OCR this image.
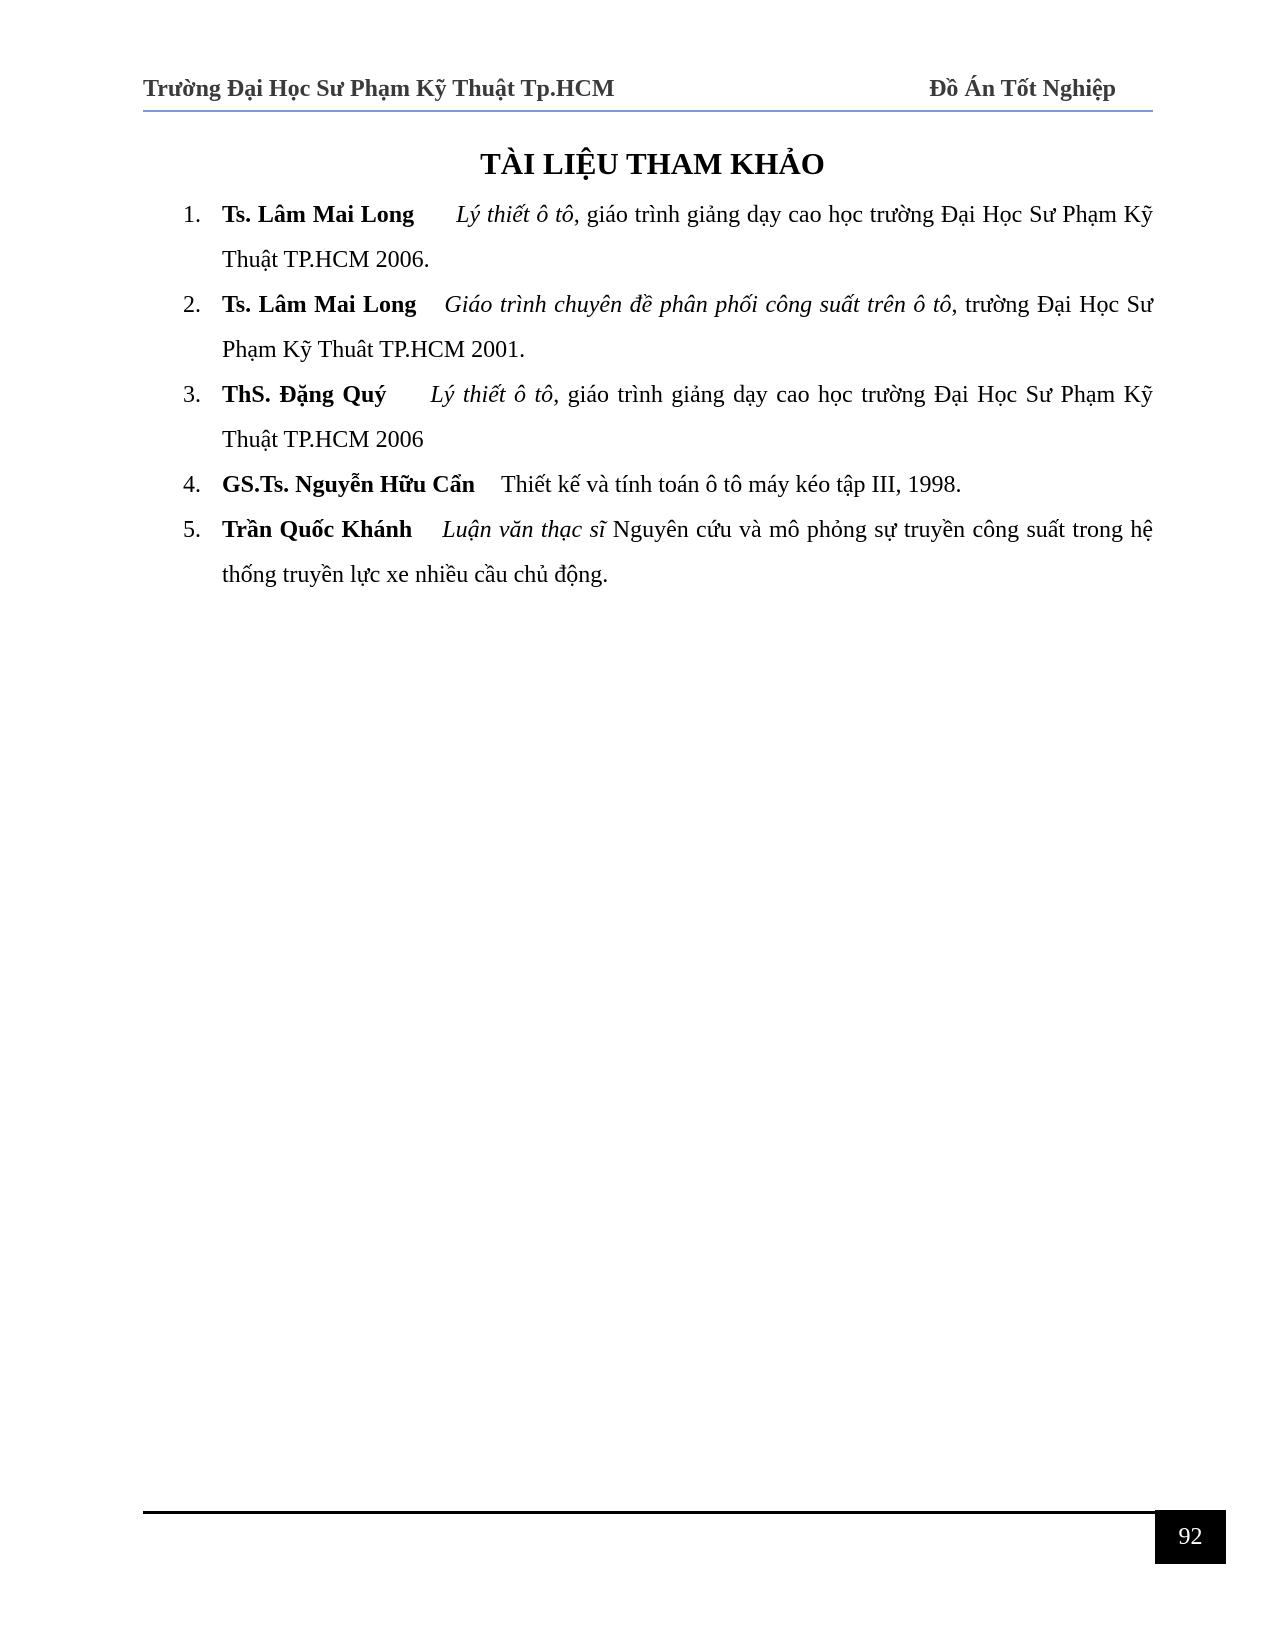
Trường Đại Học Sư Phạm Kỹ Thuật Tp.HCM	Đồ Án Tốt Nghiệp
TÀI LIỆU THAM KHẢO
1. Ts. Lâm Mai Long Lý thiết ô tô, giáo trình giảng dạy cao học trường Đại Học Sư Phạm Kỹ Thuật TP.HCM 2006.
2. Ts. Lâm Mai Long Giáo trình chuyên đề phân phối công suất trên ô tô, trường Đại Học Sư Phạm Kỹ Thuât TP.HCM 2001.
3. ThS. Đặng Quý Lý thiết ô tô, giáo trình giảng dạy cao học trường Đại Học Sư Phạm Kỹ Thuật TP.HCM 2006
4. GS.Ts. Nguyễn Hữu Cẩn Thiết kế và tính toán ô tô máy kéo tập III, 1998.
5. Trần Quốc Khánh Luận văn thạc sĩ Nguyên cứu và mô phỏng sự truyền công suất trong hệ thống truyền lực xe nhiều cầu chủ động.
92
